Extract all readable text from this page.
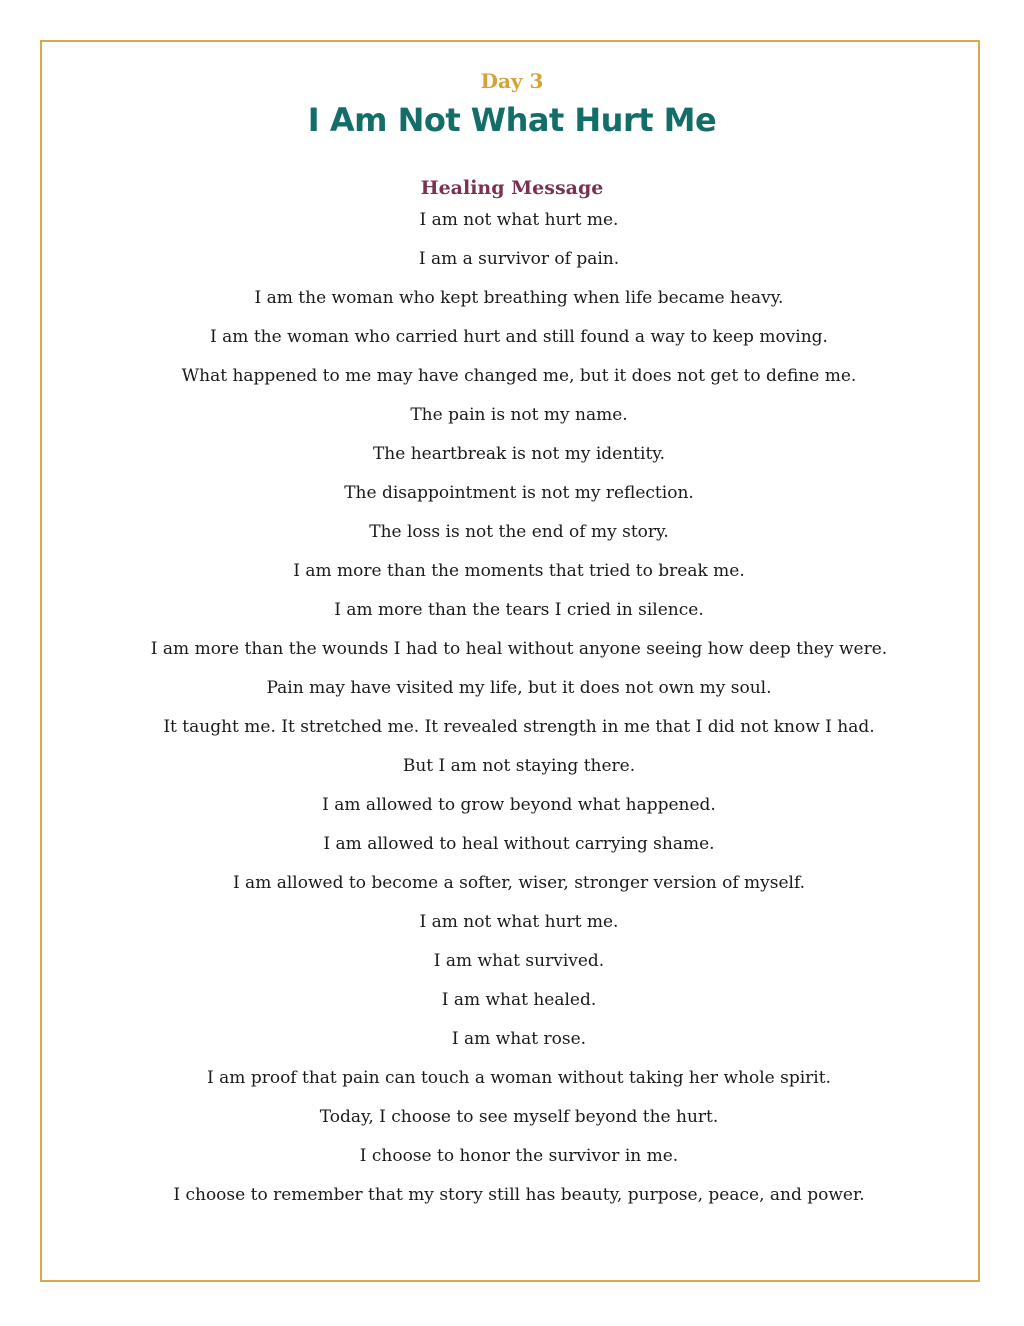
Day 3
I Am Not What Hurt Me
Healing Message
I am not what hurt me.
I am a survivor of pain.
I am the woman who kept breathing when life became heavy.
I am the woman who carried hurt and still found a way to keep moving.
What happened to me may have changed me, but it does not get to define me.
The pain is not my name.
The heartbreak is not my identity.
The disappointment is not my reflection.
The loss is not the end of my story.
I am more than the moments that tried to break me.
I am more than the tears I cried in silence.
I am more than the wounds I had to heal without anyone seeing how deep they were.
Pain may have visited my life, but it does not own my soul.
It taught me. It stretched me. It revealed strength in me that I did not know I had.
But I am not staying there.
I am allowed to grow beyond what happened.
I am allowed to heal without carrying shame.
I am allowed to become a softer, wiser, stronger version of myself.
I am not what hurt me.
I am what survived.
I am what healed.
I am what rose.
I am proof that pain can touch a woman without taking her whole spirit.
Today, I choose to see myself beyond the hurt.
I choose to honor the survivor in me.
I choose to remember that my story still has beauty, purpose, peace, and power.
